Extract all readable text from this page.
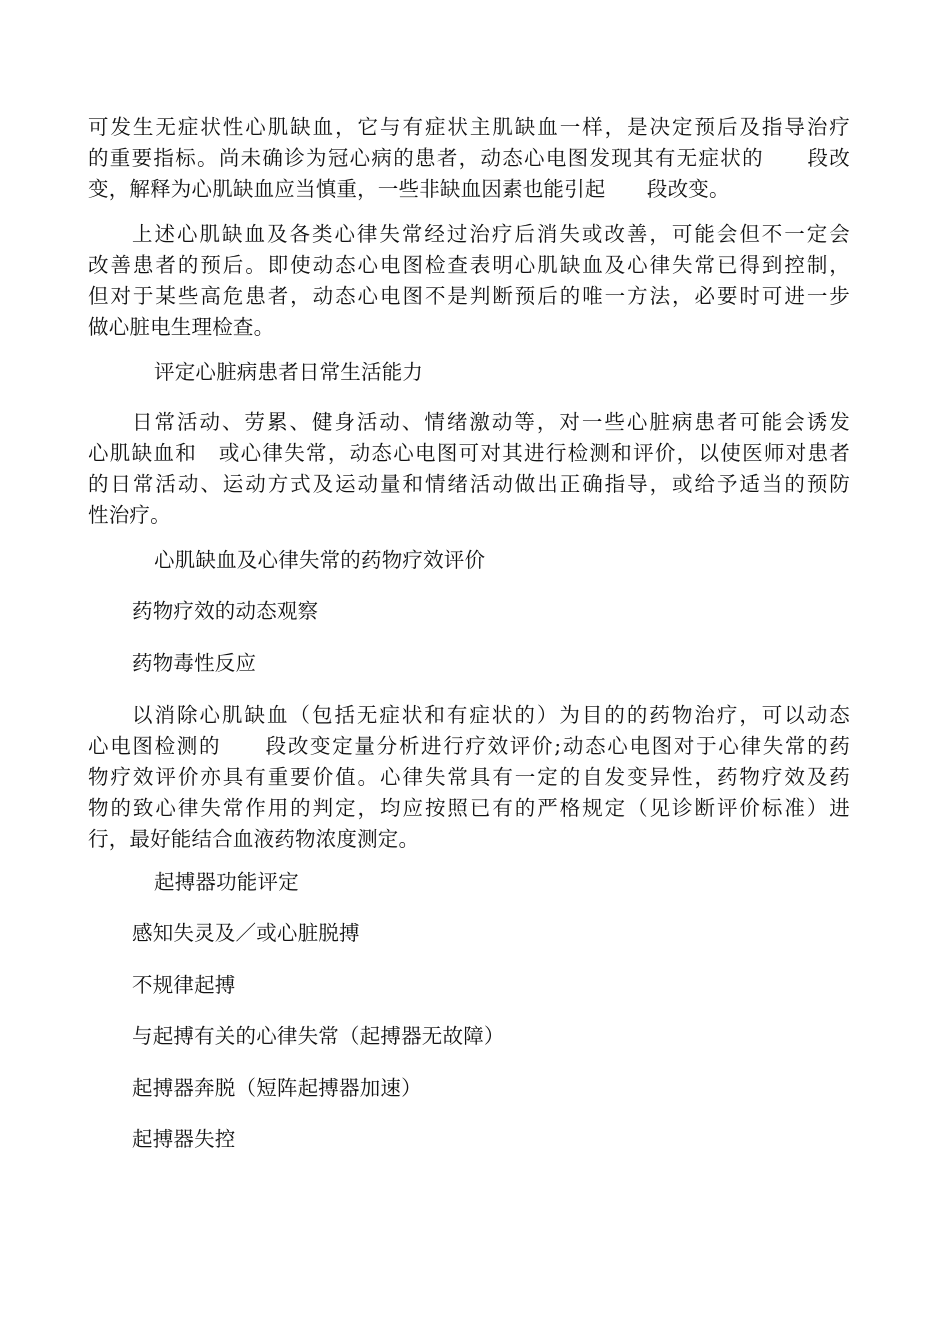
可发生无症状性心肌缺血，它与有症状主肌缺血一样，是决定预后及指导治疗
的重要指标。尚未确诊为冠心病的患者，动态心电图发现其有无症状的　　段改
变，解释为心肌缺血应当慎重，一些非缺血因素也能引起　　段改变。
上述心肌缺血及各类心律失常经过治疗后消失或改善，可能会但不一定会
改善患者的预后。即使动态心电图检查表明心肌缺血及心律失常已得到控制，
但对于某些高危患者，动态心电图不是判断预后的唯一方法，必要时可进一步
做心脏电生理检查。
评定心脏病患者日常生活能力
日常活动、劳累、健身活动、情绪激动等，对一些心脏病患者可能会诱发
心肌缺血和　或心律失常，动态心电图可对其进行检测和评价，以使医师对患者
的日常活动、运动方式及运动量和情绪活动做出正确指导，或给予适当的预防
性治疗。
心肌缺血及心律失常的药物疗效评价
药物疗效的动态观察
药物毒性反应
以消除心肌缺血（包括无症状和有症状的）为目的的药物治疗，可以动态
心电图检测的　　段改变定量分析进行疗效评价;动态心电图对于心律失常的药
物疗效评价亦具有重要价值。心律失常具有一定的自发变异性，药物疗效及药
物的致心律失常作用的判定，均应按照已有的严格规定（见诊断评价标准）进
行，最好能结合血液药物浓度测定。
起搏器功能评定
感知失灵及／或心脏脱搏
不规律起搏
与起搏有关的心律失常（起搏器无故障）
起搏器奔脱（短阵起搏器加速）
起搏器失控
